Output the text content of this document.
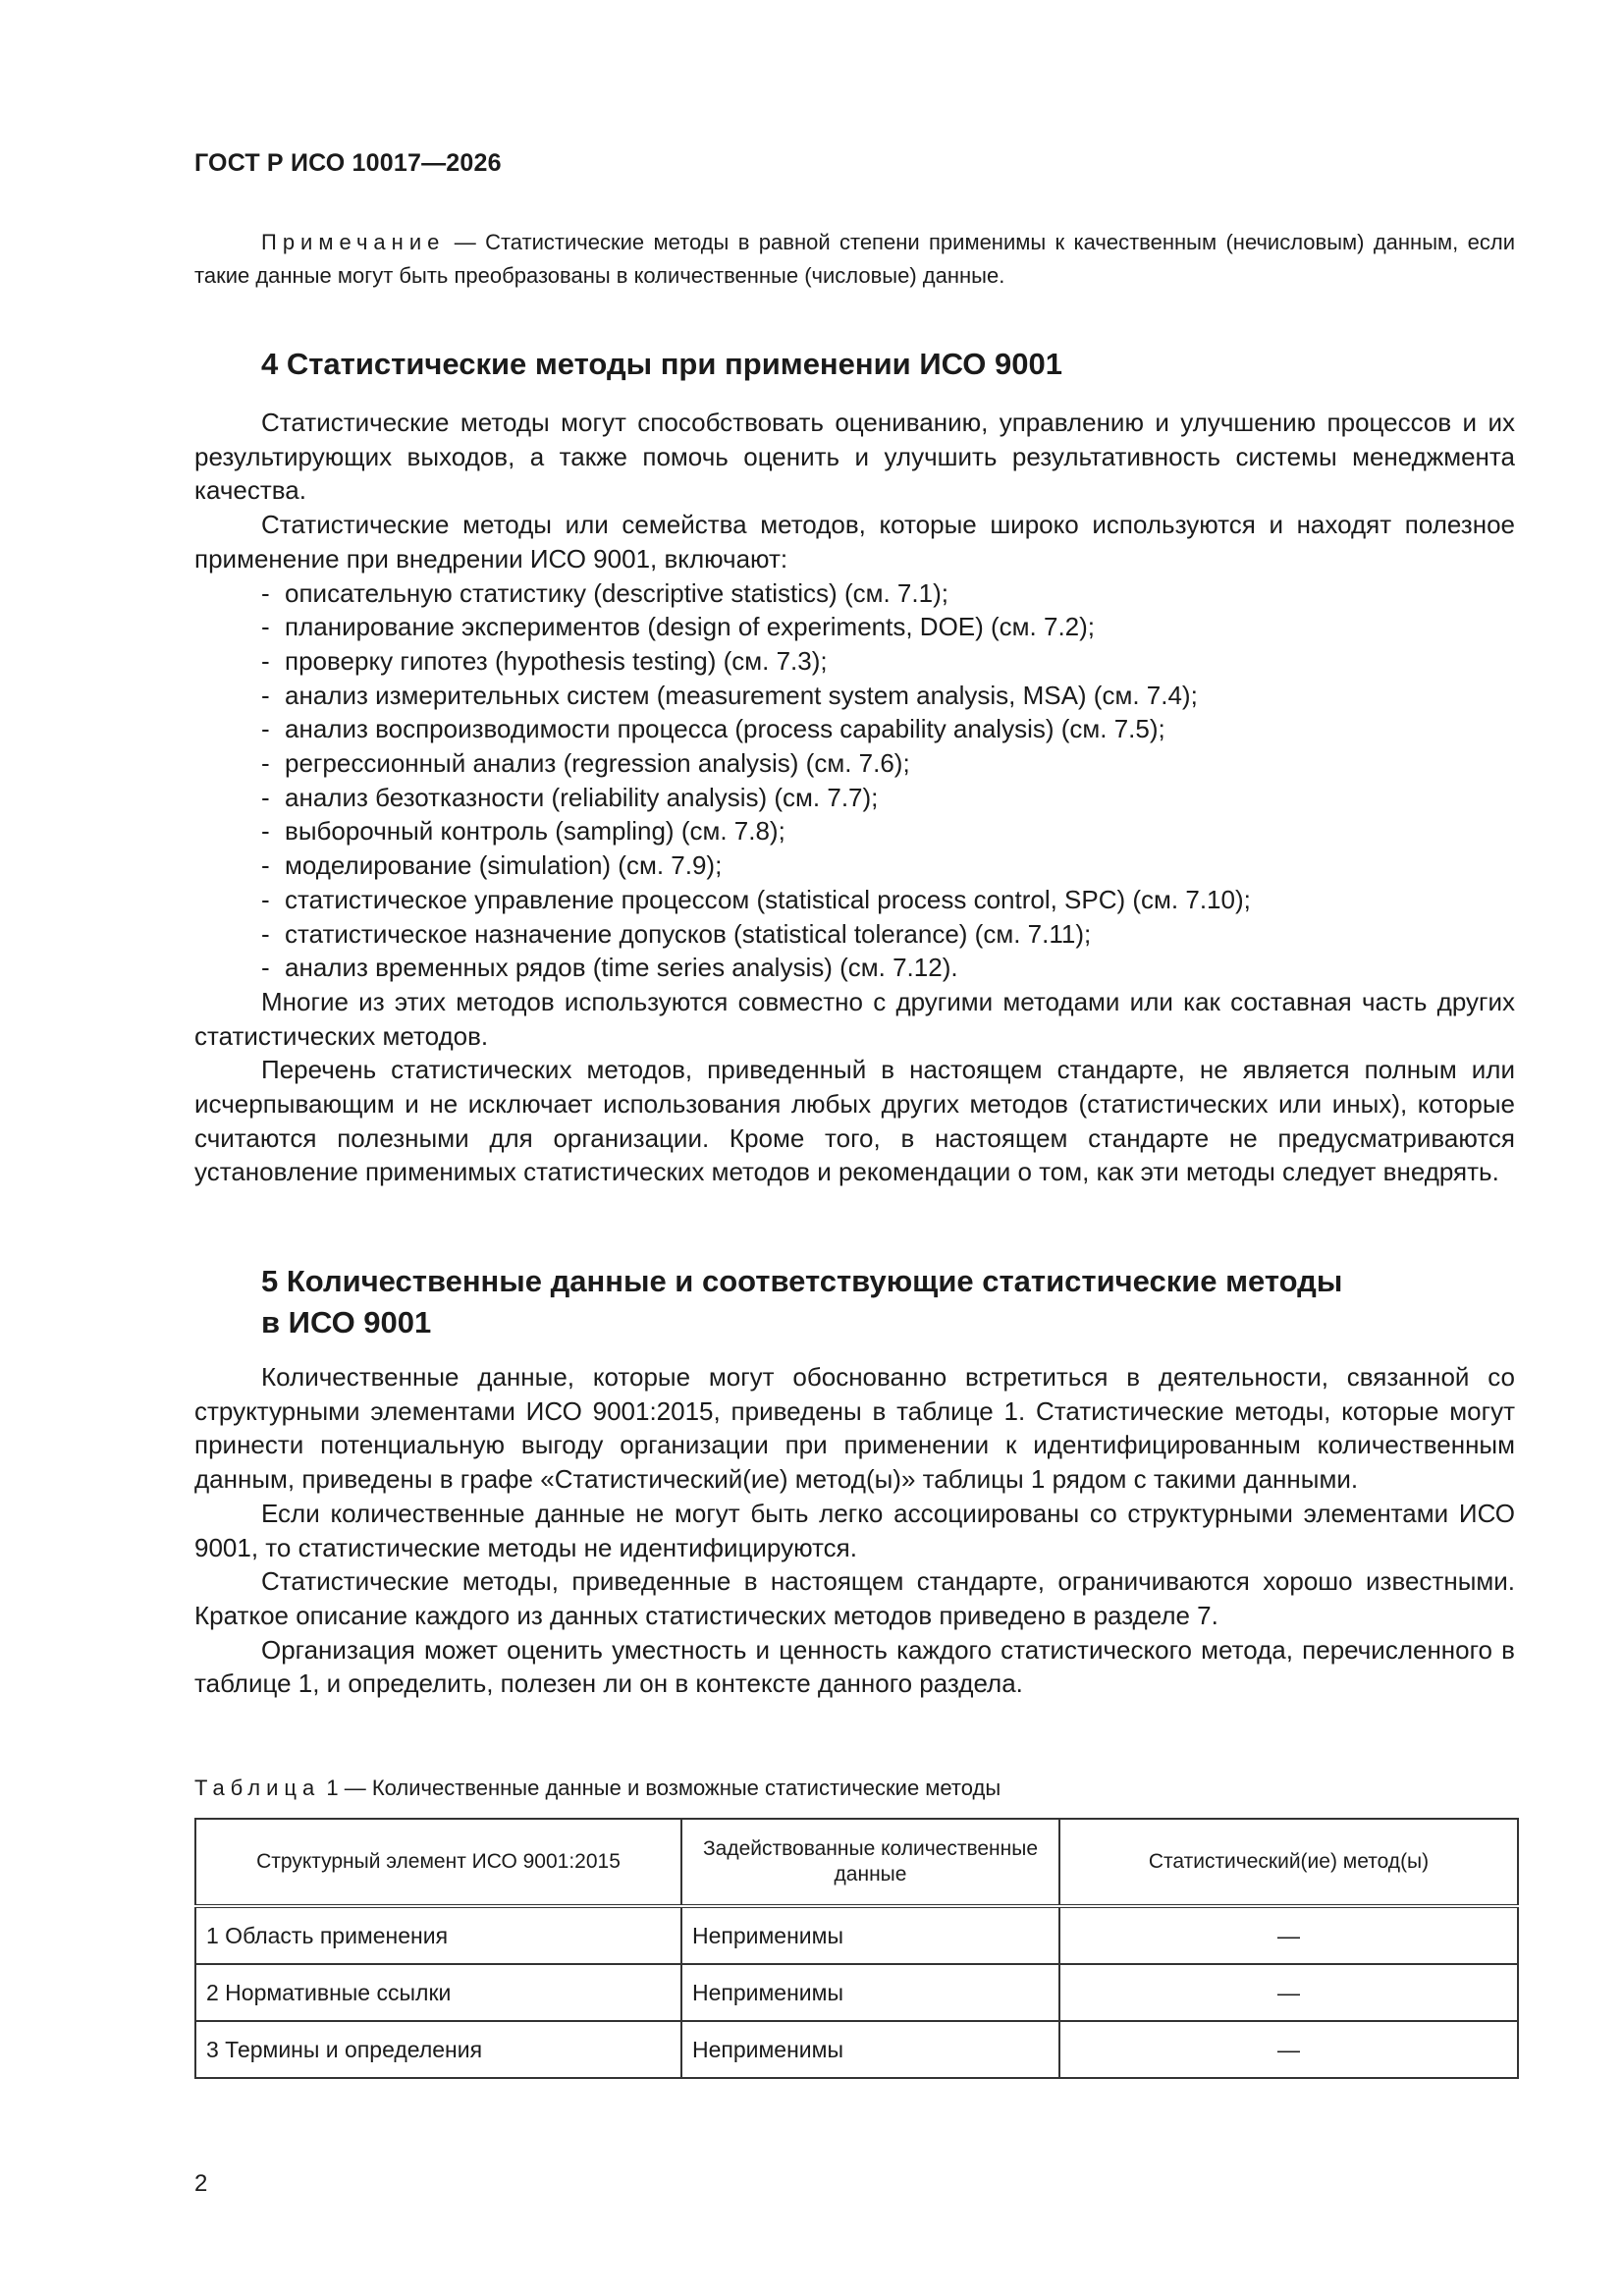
ГОСТ Р ИСО 10017—2026
Примечание — Статистические методы в равной степени применимы к качественным (нечисловым) данным, если такие данные могут быть преобразованы в количественные (числовые) данные.
4 Статистические методы при применении ИСО 9001

Статистические методы могут способствовать оцениванию, управлению и улучшению процессов и их результирующих выходов, а также помочь оценить и улучшить результативность системы менеджмента качества.

Статистические методы или семейства методов, которые широко используются и находят полезное применение при внедрении ИСО 9001, включают:

- описательную статистику (descriptive statistics) (см. 7.1);
- планирование экспериментов (design of experiments, DOE) (см. 7.2);
- проверку гипотез (hypothesis testing) (см. 7.3);
- анализ измерительных систем (measurement system analysis, MSA) (см. 7.4);
- анализ воспроизводимости процесса (process capability analysis) (см. 7.5);
- регрессионный анализ (regression analysis) (см. 7.6);
- анализ безотказности (reliability analysis) (см. 7.7);
- выборочный контроль (sampling) (см. 7.8);
- моделирование (simulation) (см. 7.9);
- статистическое управление процессом (statistical process control, SPC) (см. 7.10);
- статистическое назначение допусков (statistical tolerance) (см. 7.11);
- анализ временных рядов (time series analysis) (см. 7.12).

Многие из этих методов используются совместно с другими методами или как составная часть других статистических методов.

Перечень статистических методов, приведенный в настоящем стандарте, не является полным или исчерпывающим и не исключает использования любых других методов (статистических или иных), которые считаются полезными для организации. Кроме того, в настоящем стандарте не предусматриваются установление применимых статистических методов и рекомендации о том, как эти методы следует внедрять.

5 Количественные данные и соответствующие статистические методы
в ИСО 9001

Количественные данные, которые могут обоснованно встретиться в деятельности, связанной со структурными элементами ИСО 9001:2015, приведены в таблице 1. Статистические методы, которые могут принести потенциальную выгоду организации при применении к идентифицированным количественным данным, приведены в графе «Статистический(ие) метод(ы)» таблицы 1 рядом с такими данными.

Если количественные данные не могут быть легко ассоциированы со структурными элементами ИСО 9001, то статистические методы не идентифицируются.

Статистические методы, приведенные в настоящем стандарте, ограничиваются хорошо известными. Краткое описание каждого из данных статистических методов приведено в разделе 7.

Организация может оценить уместность и ценность каждого статистического метода, перечисленного в таблице 1, и определить, полезен ли он в контексте данного раздела.

Таблица 1 — Количественные данные и возможные статистические методы
Структурный элемент ИСО 9001:2015	Задействованные количественные данные	Статистический(ие) метод(ы)
1 Область применения	Неприменимы	—
2 Нормативные ссылки	Неприменимы	—
3 Термины и определения	Неприменимы	—
2
